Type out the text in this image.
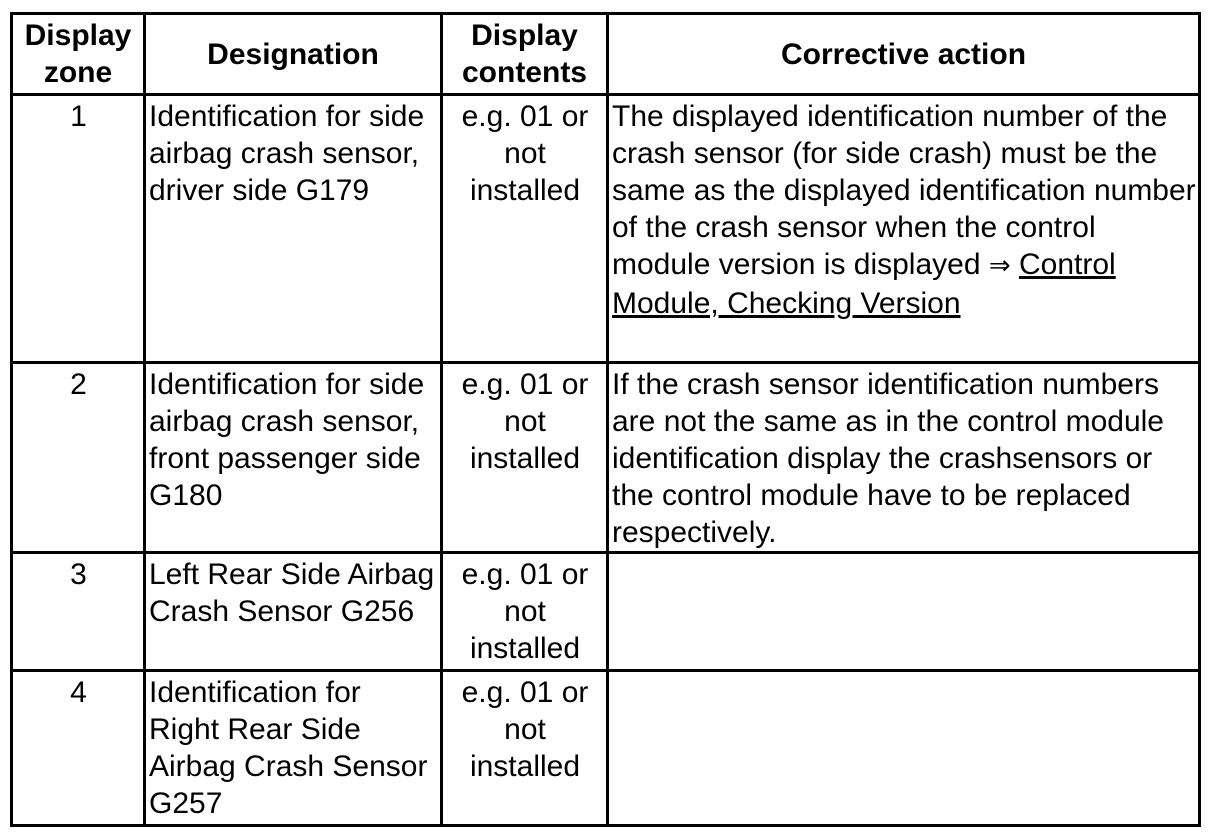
Display zone	Designation	Display contents	Corrective action
1	Identification for side airbag crash sensor, driver side G179	e.g. 01 or not installed	The displayed identification number of the crash sensor (for side crash) must be the same as the displayed identification number of the crash sensor when the control module version is displayed ⇒ Control Module, Checking Version
2	Identification for side airbag crash sensor, front passenger side G180	e.g. 01 or not installed	If the crash sensor identification numbers are not the same as in the control module identification display the crashsensors or the control module have to be replaced respectively.
3	Left Rear Side Airbag Crash Sensor G256	e.g. 01 or not installed	
4	Identification for Right Rear Side Airbag Crash Sensor G257	e.g. 01 or not installed	
